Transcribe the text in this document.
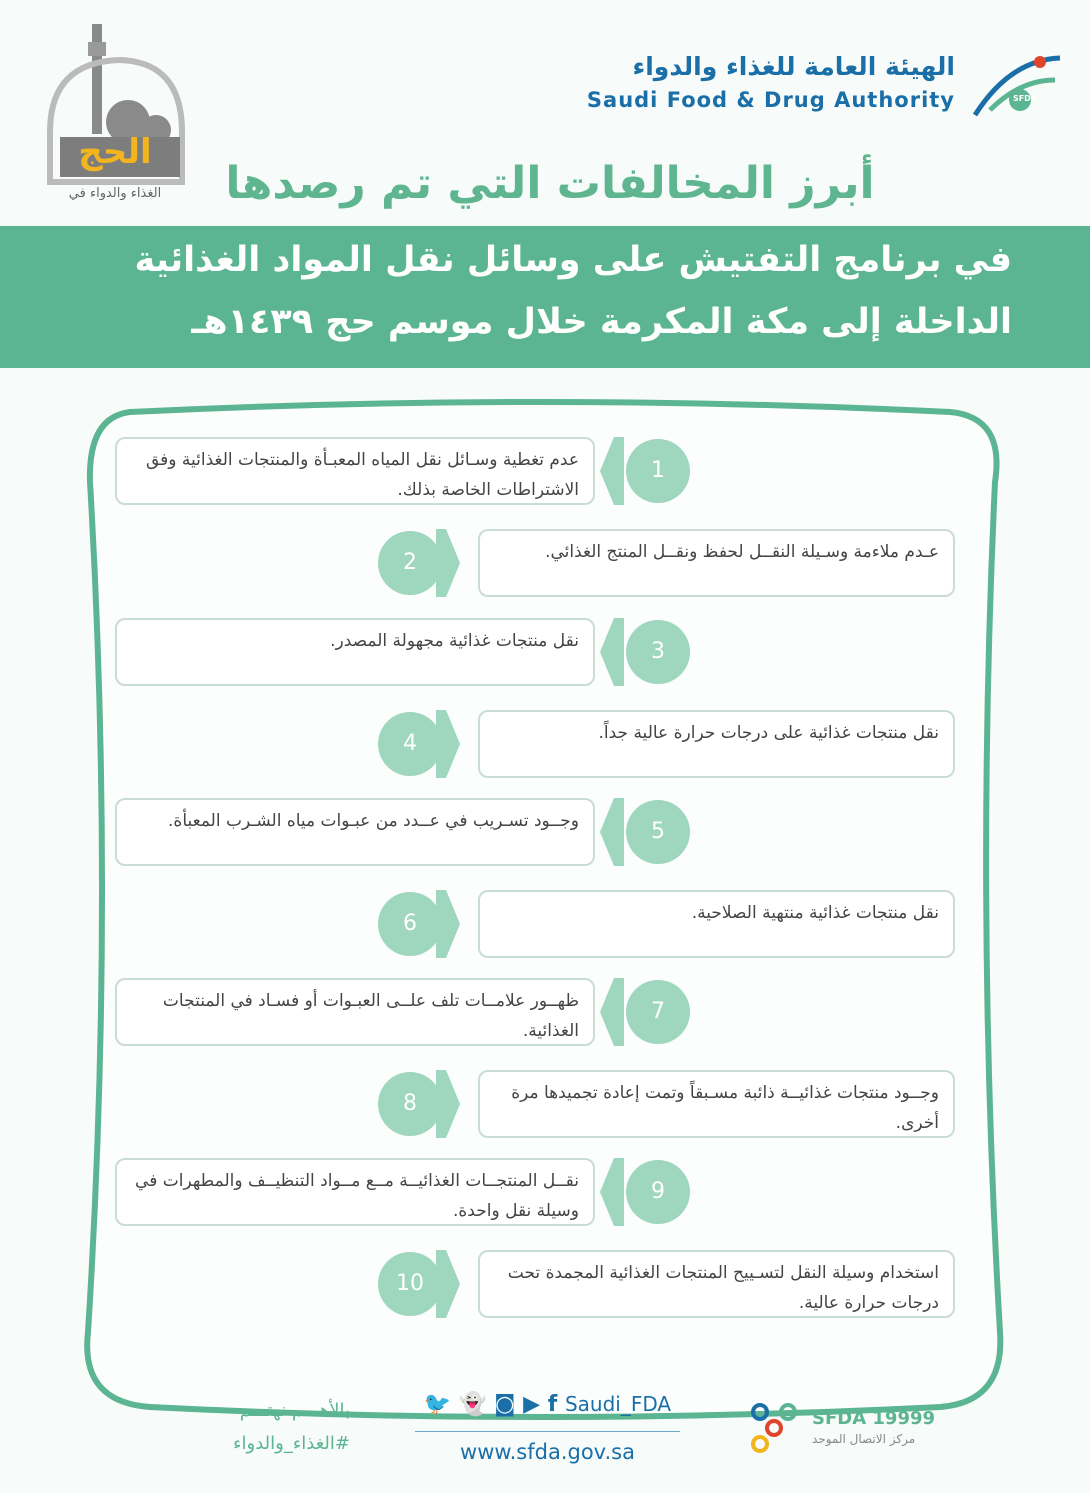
الحج
الغذاء والدواء في
الهيئة العامة للغذاء والدواء
Saudi Food & Drug Authority	SFDA
أبرز المخالفات التي تم رصدها
في برنامج التفتيش على وسائل نقل المواد الغذائية
الداخلة إلى مكة المكرمة خلال موسم حج ١٤٣٩هـ
عدم تغطية وسـائل نقل المياه المعبـأة والمنتجات الغذائية وفق الاشتراطات الخاصة بذلك.
1
عـدم ملاءمة وسـيلة النقــل لحفظ ونقــل المنتج الغذائي.
2
نقل منتجات غذائية مجهولة المصدر.	3
نقل منتجات غذائية على درجات حرارة عالية جداً.
4
وجــود تسـريب في عــدد من عبـوات مياه الشـرب المعبأة.	5
نقل منتجات غذائية منتهية الصلاحية.
6
ظهــور علامــات تلف علــى العبـوات أو فسـاد في المنتجات الغذائية.
7
وجــود منتجات غذائيــة ذائبة مسـبقاً وتمت إعادة تجميدها مرة أخرى.
8
نقــل المنتجــات الغذائيــة مــع مــواد التنظيــف والمطهرات في وسيلة نقل واحدة.
9
استخدام وسيلة النقل لتسـييح المنتجات الغذائية المجمدة تحت درجات حرارة عالية.
10
بالأهـــم نهتـــم
#الغذاء_والدواء
🐦 👻 ◙ ▶ f Saudi_FDA
www.sfda.gov.sa
SFDA 19999
مركز الاتصال الموحد
